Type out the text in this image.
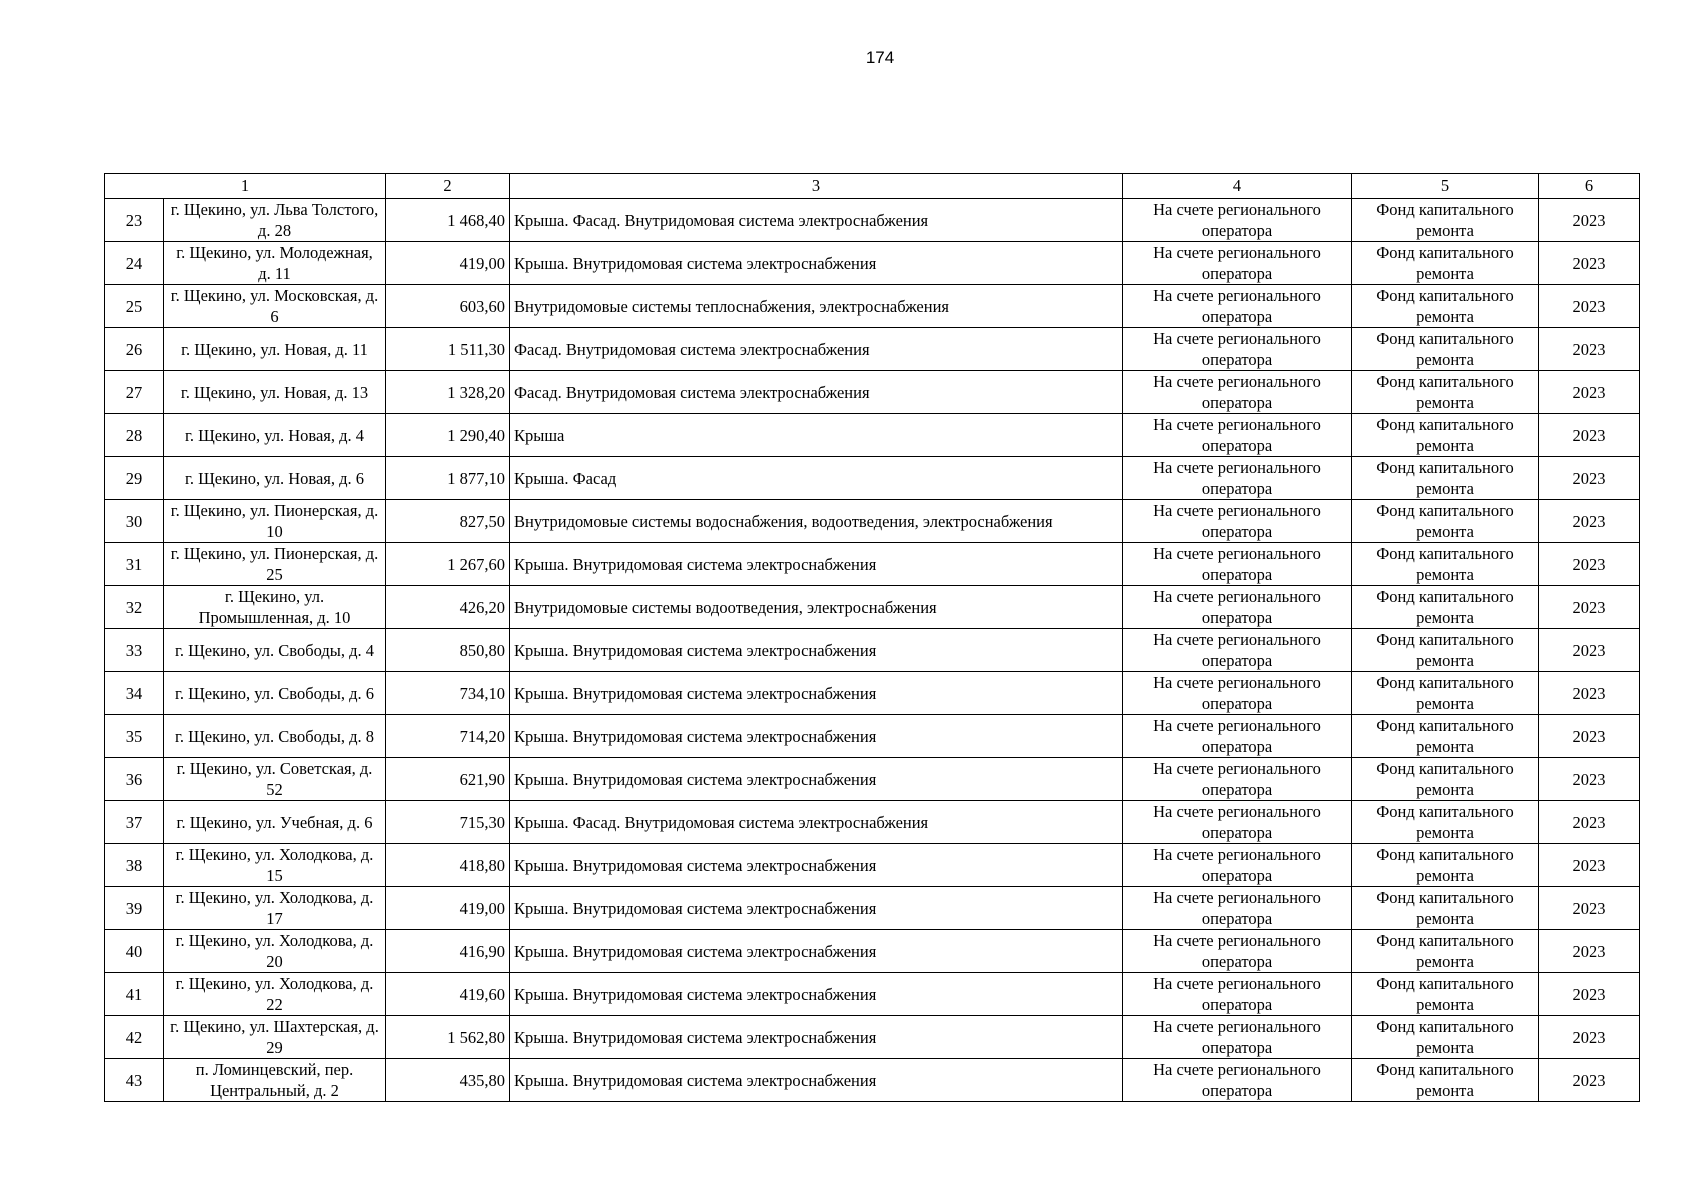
174
1		2	3	4	5	6
23	г. Щекино, ул. Льва Толстого, д. 28	1 468,40	Крыша. Фасад. Внутридомовая система электроснабжения	На счете регионального оператора	Фонд капитального ремонта	2023
24	г. Щекино, ул. Молодежная, д. 11	419,00	Крыша. Внутридомовая система электроснабжения	На счете регионального оператора	Фонд капитального ремонта	2023
25	г. Щекино, ул. Московская, д. 6	603,60	Внутридомовые системы теплоснабжения, электроснабжения	На счете регионального оператора	Фонд капитального ремонта	2023
26	г. Щекино, ул. Новая, д. 11	1 511,30	Фасад. Внутридомовая система электроснабжения	На счете регионального оператора	Фонд капитального ремонта	2023
27	г. Щекино, ул. Новая, д. 13	1 328,20	Фасад. Внутридомовая система электроснабжения	На счете регионального оператора	Фонд капитального ремонта	2023
28	г. Щекино, ул. Новая, д. 4	1 290,40	Крыша	На счете регионального оператора	Фонд капитального ремонта	2023
29	г. Щекино, ул. Новая, д. 6	1 877,10	Крыша. Фасад	На счете регионального оператора	Фонд капитального ремонта	2023
30	г. Щекино, ул. Пионерская, д. 10	827,50	Внутридомовые системы водоснабжения, водоотведения, электроснабжения	На счете регионального оператора	Фонд капитального ремонта	2023
31	г. Щекино, ул. Пионерская, д. 25	1 267,60	Крыша. Внутридомовая система электроснабжения	На счете регионального оператора	Фонд капитального ремонта	2023
32	г. Щекино, ул. Промышленная, д. 10	426,20	Внутридомовые системы водоотведения, электроснабжения	На счете регионального оператора	Фонд капитального ремонта	2023
33	г. Щекино, ул. Свободы, д. 4	850,80	Крыша. Внутридомовая система электроснабжения	На счете регионального оператора	Фонд капитального ремонта	2023
34	г. Щекино, ул. Свободы, д. 6	734,10	Крыша. Внутридомовая система электроснабжения	На счете регионального оператора	Фонд капитального ремонта	2023
35	г. Щекино, ул. Свободы, д. 8	714,20	Крыша. Внутридомовая система электроснабжения	На счете регионального оператора	Фонд капитального ремонта	2023
36	г. Щекино, ул. Советская, д. 52	621,90	Крыша. Внутридомовая система электроснабжения	На счете регионального оператора	Фонд капитального ремонта	2023
37	г. Щекино, ул. Учебная, д. 6	715,30	Крыша. Фасад. Внутридомовая система электроснабжения	На счете регионального оператора	Фонд капитального ремонта	2023
38	г. Щекино, ул. Холодкова, д. 15	418,80	Крыша. Внутридомовая система электроснабжения	На счете регионального оператора	Фонд капитального ремонта	2023
39	г. Щекино, ул. Холодкова, д. 17	419,00	Крыша. Внутридомовая система электроснабжения	На счете регионального оператора	Фонд капитального ремонта	2023
40	г. Щекино, ул. Холодкова, д. 20	416,90	Крыша. Внутридомовая система электроснабжения	На счете регионального оператора	Фонд капитального ремонта	2023
41	г. Щекино, ул. Холодкова, д. 22	419,60	Крыша. Внутридомовая система электроснабжения	На счете регионального оператора	Фонд капитального ремонта	2023
42	г. Щекино, ул. Шахтерская, д. 29	1 562,80	Крыша. Внутридомовая система электроснабжения	На счете регионального оператора	Фонд капитального ремонта	2023
43	п. Ломинцевский, пер. Центральный, д. 2	435,80	Крыша. Внутридомовая система электроснабжения	На счете регионального оператора	Фонд капитального ремонта	2023
